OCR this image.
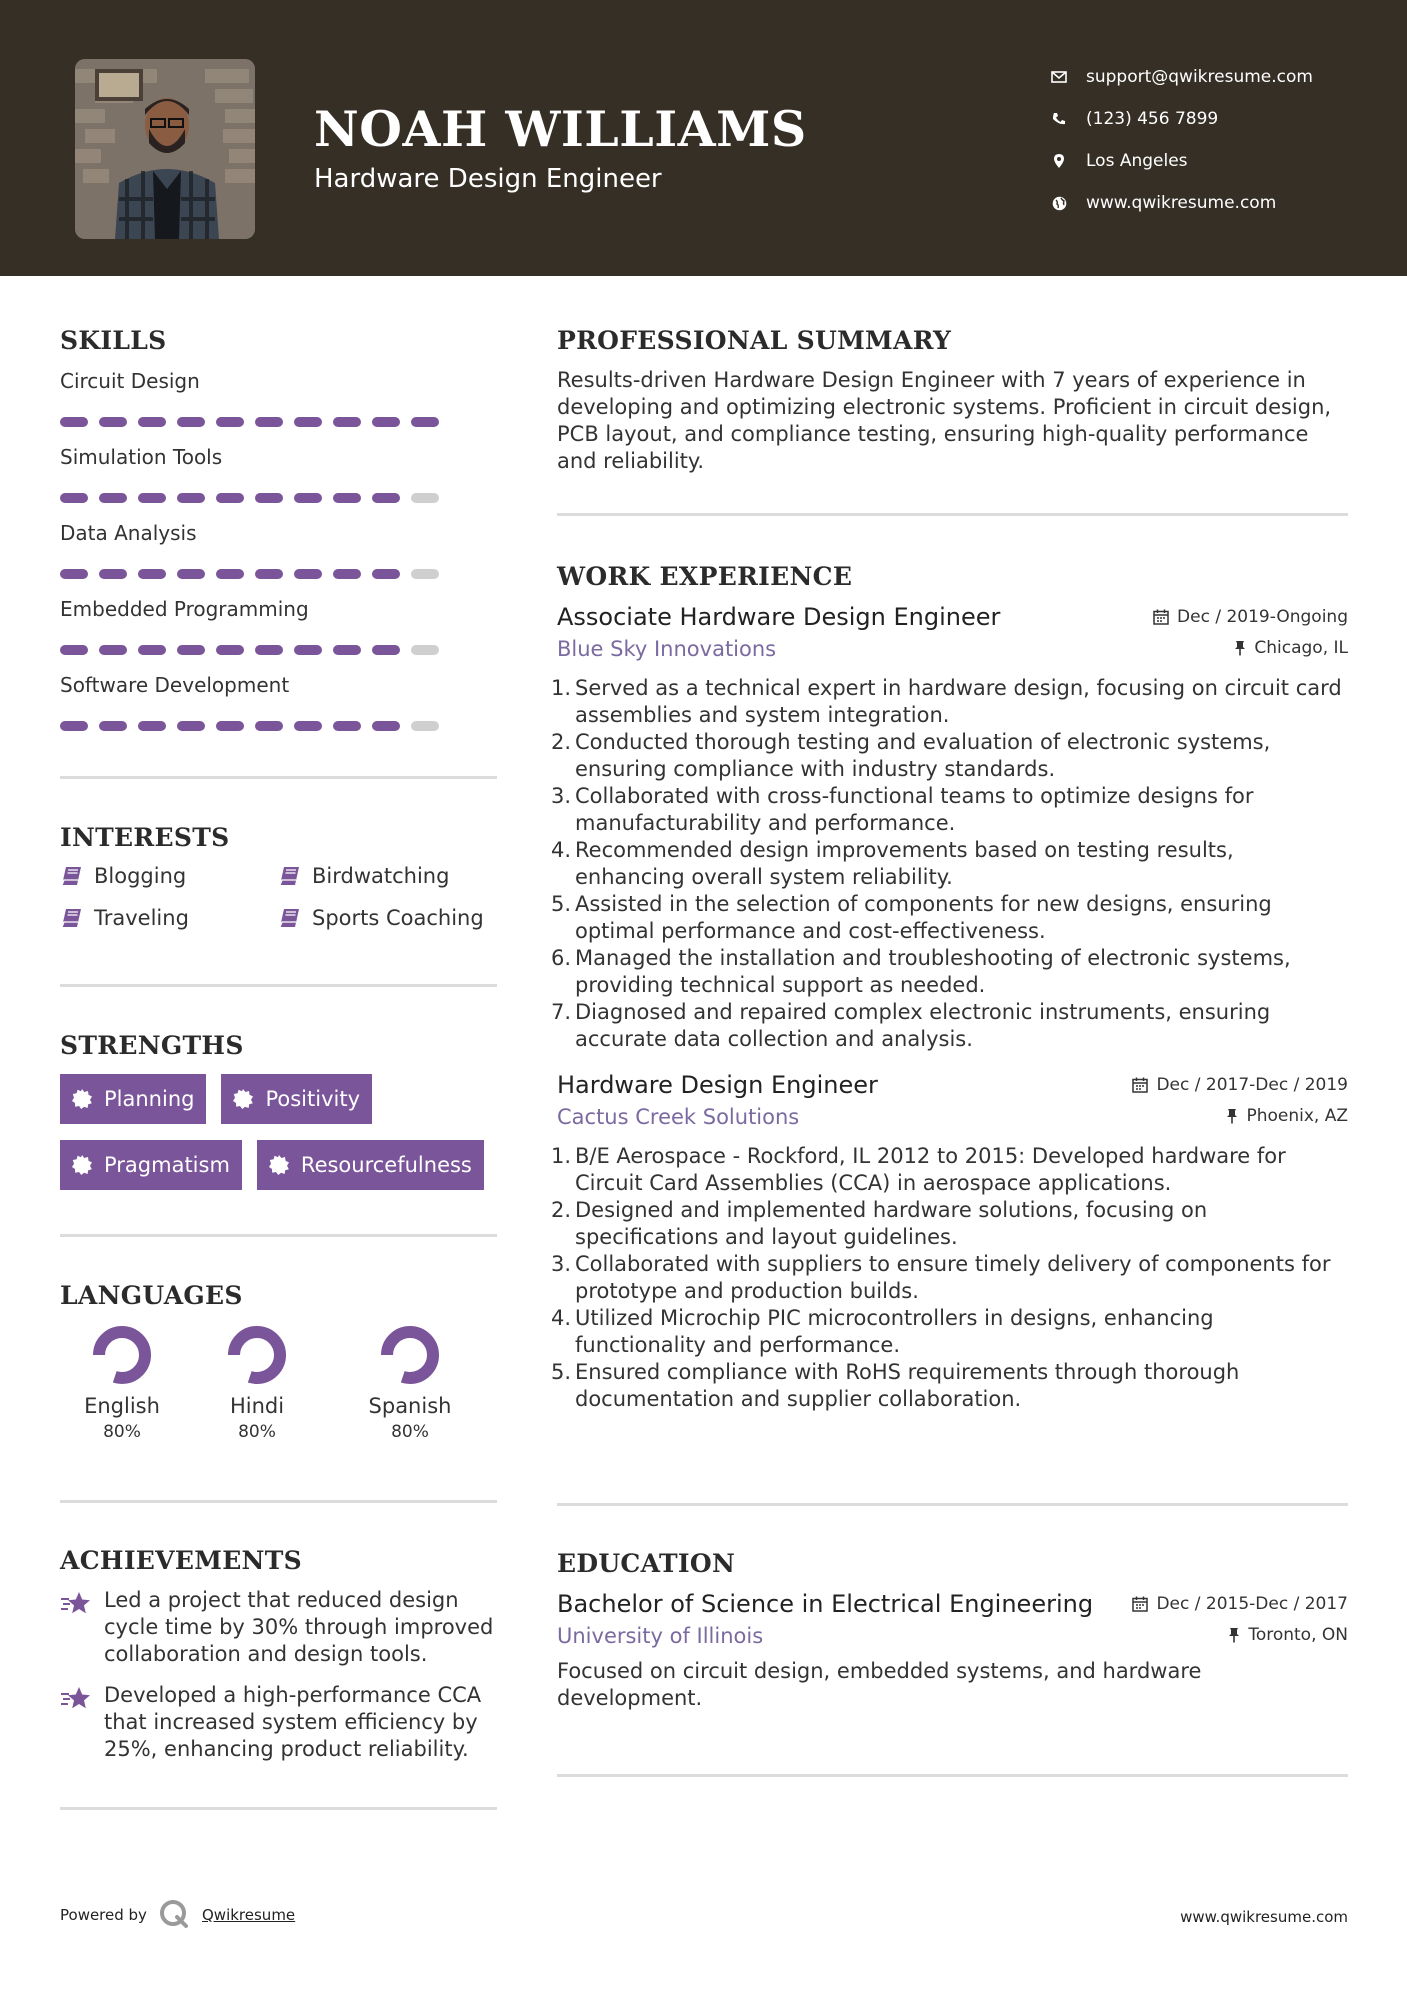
NOAH WILLIAMS
Hardware Design Engineer
support@qwikresume.com
(123) 456 7899
Los Angeles
www.qwikresume.com
SKILLS
Circuit Design
Simulation Tools
Data Analysis
Embedded Programming
Software Development
INTERESTS
Blogging	Birdwatching
Traveling	Sports Coaching
STRENGTHS
Planning	Positivity
Pragmatism	Resourcefulness
LANGUAGES
English
80%
Hindi
80%
Spanish
80%
ACHIEVEMENTS

Led a project that reduced design cycle time by 30% through improved collaboration and design tools.

Developed a high-performance CCA that increased system efficiency by 25%, enhancing product reliability.

PROFESSIONAL SUMMARY

Results-driven Hardware Design Engineer with 7 years of experience in developing and optimizing electronic systems. Proficient in circuit design, PCB layout, and compliance testing, ensuring high-quality performance and reliability.

WORK EXPERIENCE
Associate Hardware Design Engineer	Dec / 2019-Ongoing
Blue Sky Innovations	Chicago, IL
1. Served as a technical expert in hardware design, focusing on circuit card assemblies and system integration.
2. Conducted thorough testing and evaluation of electronic systems, ensuring compliance with industry standards.
3. Collaborated with cross-functional teams to optimize designs for manufacturability and performance.
4. Recommended design improvements based on testing results, enhancing overall system reliability.
5. Assisted in the selection of components for new designs, ensuring optimal performance and cost-effectiveness.
6. Managed the installation and troubleshooting of electronic systems, providing technical support as needed.
7. Diagnosed and repaired complex electronic instruments, ensuring accurate data collection and analysis.
Hardware Design Engineer	Dec / 2017-Dec / 2019
Cactus Creek Solutions	Phoenix, AZ
1. B/E Aerospace - Rockford, IL 2012 to 2015: Developed hardware for Circuit Card Assemblies (CCA) in aerospace applications.
2. Designed and implemented hardware solutions, focusing on specifications and layout guidelines.
3. Collaborated with suppliers to ensure timely delivery of components for prototype and production builds.
4. Utilized Microchip PIC microcontrollers in designs, enhancing functionality and performance.
5. Ensured compliance with RoHS requirements through thorough documentation and supplier collaboration.
EDUCATION
Bachelor of Science in Electrical Engineering	Dec / 2015-Dec / 2017
University of Illinois	Toronto, ON

Focused on circuit design, embedded systems, and hardware development.

Powered by	Qwikresume	www.qwikresume.com
